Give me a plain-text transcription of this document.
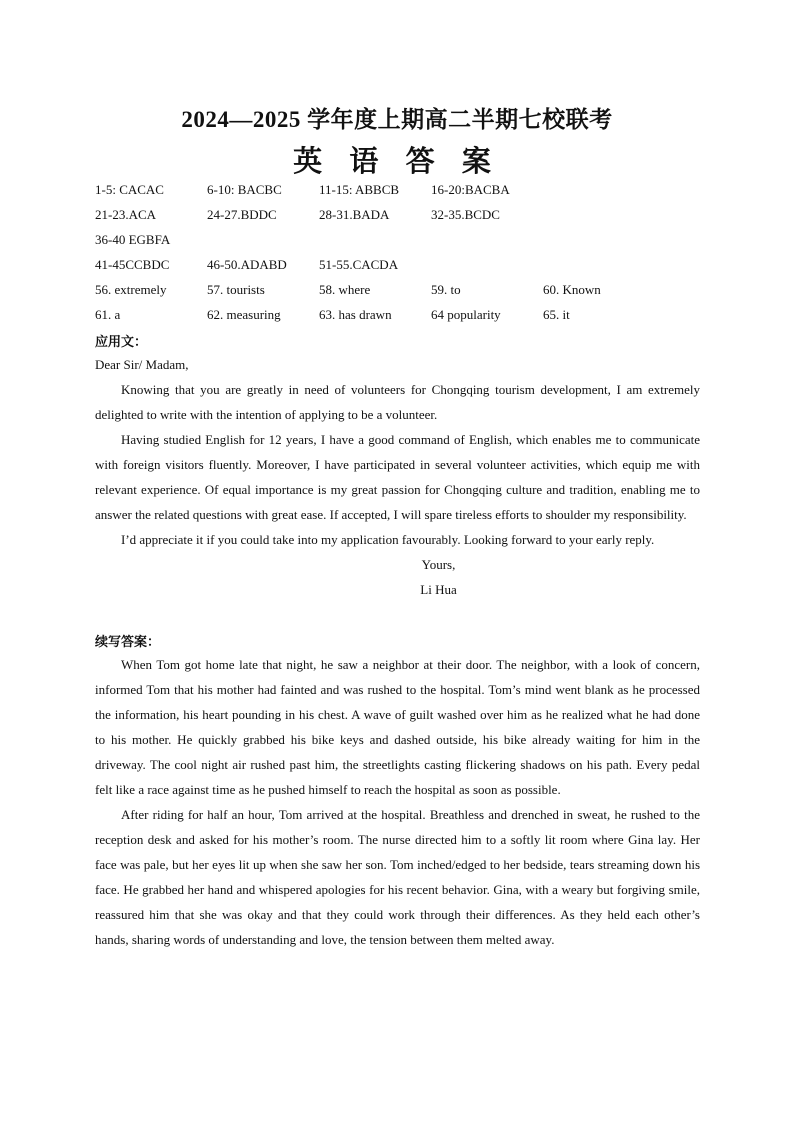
2024—2025 学年度上期高二半期七校联考
英 语 答 案
1-5: CACAC	6-10: BACBC	11-15: ABBCB 16-20:BACBA
21-23.ACA	24-27.BDDC	28-31.BADA	32-35.BCDC
36-40 EGBFA
41-45CCBDC	46-50.ADABD 51-55.CACDA
56. extremely	57. tourists	58. where	59. to	60. Known
61. a	62. measuring	63. has drawn	64 popularity	65. it
应用文：

Dear Sir/ Madam,

Knowing that you are greatly in need of volunteers for Chongqing tourism development, I am extremely delighted to write with the intention of applying to be a volunteer.

Having studied English for 12 years, I have a good command of English, which enables me to communicate with foreign visitors fluently. Moreover, I have participated in several volunteer activities, which equip me with relevant experience. Of equal importance is my great passion for Chongqing culture and tradition, enabling me to answer the related questions with great ease. If accepted, I will spare tireless efforts to shoulder my responsibility.

I’d appreciate it if you could take into my application favourably. Looking forward to your early reply.

Yours,

Li Hua

续写答案：

When Tom got home late that night, he saw a neighbor at their door. The neighbor, with a look of concern, informed Tom that his mother had fainted and was rushed to the hospital. Tom’s mind went blank as he processed the information, his heart pounding in his chest. A wave of guilt washed over him as he realized what he had done to his mother. He quickly grabbed his bike keys and dashed outside, his bike already waiting for him in the driveway. The cool night air rushed past him, the streetlights casting flickering shadows on his path. Every pedal felt like a race against time as he pushed himself to reach the hospital as soon as possible.

After riding for half an hour, Tom arrived at the hospital. Breathless and drenched in sweat, he rushed to the reception desk and asked for his mother’s room. The nurse directed him to a softly lit room where Gina lay. Her face was pale, but her eyes lit up when she saw her son. Tom inched/edged to her bedside, tears streaming down his face. He grabbed her hand and whispered apologies for his recent behavior. Gina, with a weary but forgiving smile, reassured him that she was okay and that they could work through their differences. As they held each other’s hands, sharing words of understanding and love, the tension between them melted away.
